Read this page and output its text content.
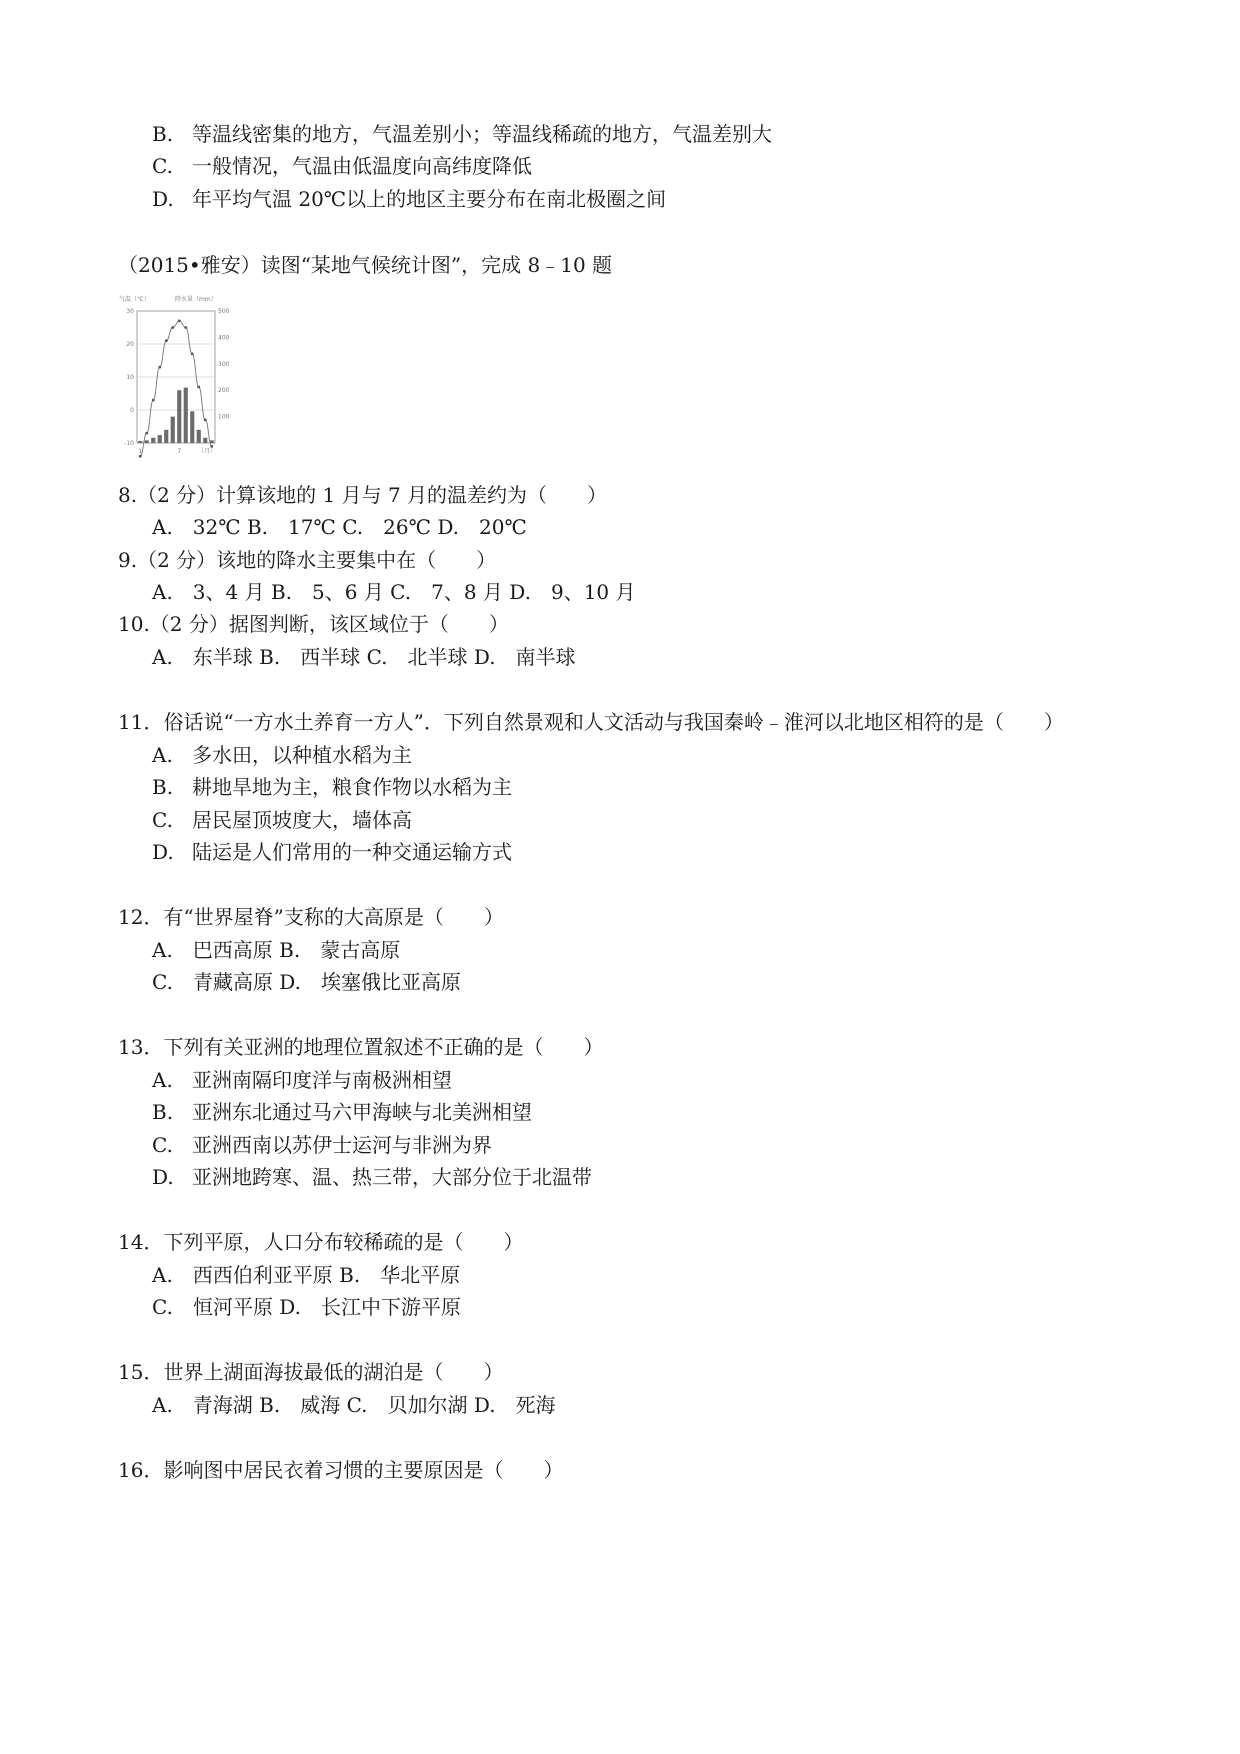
B. 等温线密集的地方，气温差别小；等温线稀疏的地方，气温差别大
C. 一般情况，气温由低温度向高纬度降低
D. 年平均气温 20℃以上的地区主要分布在南北极圈之间
（2015•雅安）读图“某地气候统计图”，完成 8﹣10 题
气温（℃）	降水量（mm）
30
20
10
0
-10
500
400
300
200
100
1	7	（月）
8.（2 分）计算该地的 1 月与 7 月的温差约为（　　）
A.　32℃ B.　17℃ C.　26℃ D.　20℃
9.（2 分）该地的降水主要集中在（　　）
A.　3、4 月 B.　5、6 月 C.　7、8 月 D.　9、10 月
10.（2 分）据图判断，该区域位于（　　）
A.　东半球 B.　西半球 C.　北半球 D.　南半球
11．俗话说“一方水土养育一方人”．下列自然景观和人文活动与我国秦岭﹣淮河以北地区相符的是（　　）
A. 多水田，以种植水稻为主
B. 耕地旱地为主，粮食作物以水稻为主
C. 居民屋顶坡度大，墙体高
D. 陆运是人们常用的一种交通运输方式
12．有“世界屋脊”支称的大高原是（　　）
A.　巴西高原 B.　蒙古高原
C.　青藏高原 D.　埃塞俄比亚高原
13．下列有关亚洲的地理位置叙述不正确的是（　　）
A. 亚洲南隔印度洋与南极洲相望
B. 亚洲东北通过马六甲海峡与北美洲相望
C. 亚洲西南以苏伊士运河与非洲为界
D. 亚洲地跨寒、温、热三带，大部分位于北温带
14．下列平原，人口分布较稀疏的是（　　）
A.　西西伯利亚平原 B.　华北平原
C.　恒河平原 D.　长江中下游平原
15．世界上湖面海拔最低的湖泊是（　　）
A.　青海湖 B.　威海 C.　贝加尔湖 D.　死海
16．影响图中居民衣着习惯的主要原因是（　　）
